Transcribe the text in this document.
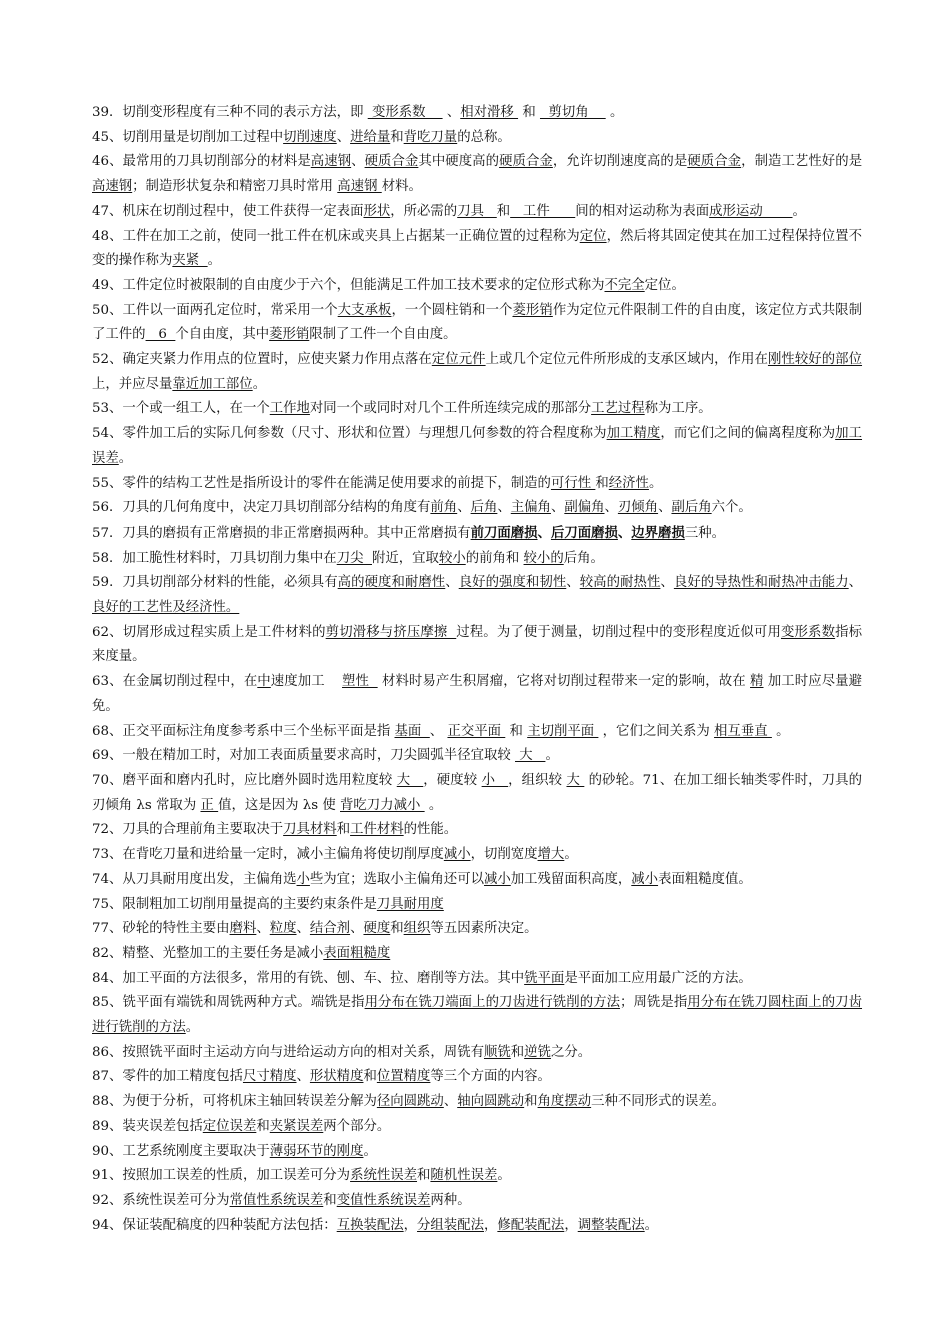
39．切削变形程度有三种不同的表示方法，即  变形系数     、相对滑移  和   剪切角     。

45、切削用量是切削加工过程中切削速度、进给量和背吃刀量的总称。

46、最常用的刀具切削部分的材料是高速钢、硬质合金其中硬度高的硬质合金，允许切削速度高的是硬质合金，制造工艺性好的是高速钢；制造形状复杂和精密刀具时常用 高速钢 材料。

47、机床在切削过程中，使工件获得一定表面形状，所必需的刀具   和   工件      间的相对运动称为表面成形运动       。

48、工件在加工之前，使同一批工件在机床或夹具上占据某一正确位置的过程称为定位，然后将其固定使其在加工过程保持位置不变的操作称为夹紧  。

49、工件定位时被限制的自由度少于六个，但能满足工件加工技术要求的定位形式称为不完全定位。

50、工件以一面两孔定位时，常采用一个大支承板，一个圆柱销和一个菱形销作为定位元件限制工件的自由度，该定位方式共限制了工件的   6  个自由度，其中菱形销限制了工件一个自由度。

52、确定夹紧力作用点的位置时，应使夹紧力作用点落在定位元件上或几个定位元件所形成的支承区域内，作用在刚性较好的部位上，并应尽量靠近加工部位。

53、一个或一组工人，在一个工作地对同一个或同时对几个工件所连续完成的那部分工艺过程称为工序。

54、零件加工后的实际几何参数（尺寸、形状和位置）与理想几何参数的符合程度称为加工精度，而它们之间的偏离程度称为加工误差。

55、零件的结构工艺性是指所设计的零件在能满足使用要求的前提下，制造的可行性 和经济性。

56．刀具的几何角度中，决定刀具切削部分结构的角度有前角、后角、主偏角、副偏角、刃倾角、副后角六个。

57．刀具的磨损有正常磨损的非正常磨损两种。其中正常磨损有前刀面磨损、后刀面磨损、边界磨损三种。

58．加工脆性材料时，刀具切削力集中在刀尖  附近，宜取较小的前角和 较小的后角。

59．刀具切削部分材料的性能，必须具有高的硬度和耐磨性、良好的强度和韧性、较高的耐热性、良好的导热性和耐热冲击能力、良好的工艺性及经济性。

62、切屑形成过程实质上是工件材料的剪切滑移与挤压摩擦  过程。为了便于测量，切削过程中的变形程度近似可用变形系数指标来度量。

63、在金属切削过程中，在中速度加工    塑性   材料时易产生积屑瘤，它将对切削过程带来一定的影响，故在 精 加工时应尽量避免。

68、正交平面标注角度参考系中三个坐标平面是指 基面  、 正交平面  和 主切削平面  ，它们之间关系为 相互垂直  。

69、一般在精加工时，对加工表面质量要求高时，刀尖圆弧半径宜取较  大   。

70、磨平面和磨内孔时，应比磨外圆时选用粒度较 大   ，硬度较 小   ，组织较 大  的砂轮。71、在加工细长轴类零件时，刀具的刃倾角 λs 常取为 正 值，这是因为 λs 使 背吃刀力减小  。

72、刀具的合理前角主要取决于刀具材料和工件材料的性能。

73、在背吃刀量和进给量一定时，减小主偏角将使切削厚度减小，切削宽度增大。

74、从刀具耐用度出发，主偏角选小些为宜；选取小主偏角还可以减小加工残留面积高度，减小表面粗糙度值。

75、限制粗加工切削用量提高的主要约束条件是刀具耐用度

77、砂轮的特性主要由磨料、粒度、结合剂、硬度和组织等五因素所决定。

82、精整、光整加工的主要任务是减小表面粗糙度

84、加工平面的方法很多，常用的有铣、刨、车、拉、磨削等方法。其中铣平面是平面加工应用最广泛的方法。

85、铣平面有端铣和周铣两种方式。端铣是指用分布在铣刀端面上的刀齿进行铣削的方法；周铣是指用分布在铣刀圆柱面上的刀齿进行铣削的方法。

86、按照铣平面时主运动方向与进给运动方向的相对关系，周铣有顺铣和逆铣之分。

87、零件的加工精度包括尺寸精度、形状精度和位置精度等三个方面的内容。

88、为便于分析，可将机床主轴回转误差分解为径向圆跳动、轴向圆跳动和角度摆动三种不同形式的误差。

89、装夹误差包括定位误差和夹紧误差两个部分。

90、工艺系统刚度主要取决于薄弱环节的刚度。

91、按照加工误差的性质，加工误差可分为系统性误差和随机性误差。

92、系统性误差可分为常值性系统误差和变值性系统误差两种。

94、保证装配稿度的四种装配方法包括：互换装配法，分组装配法，修配装配法，调整装配法。
